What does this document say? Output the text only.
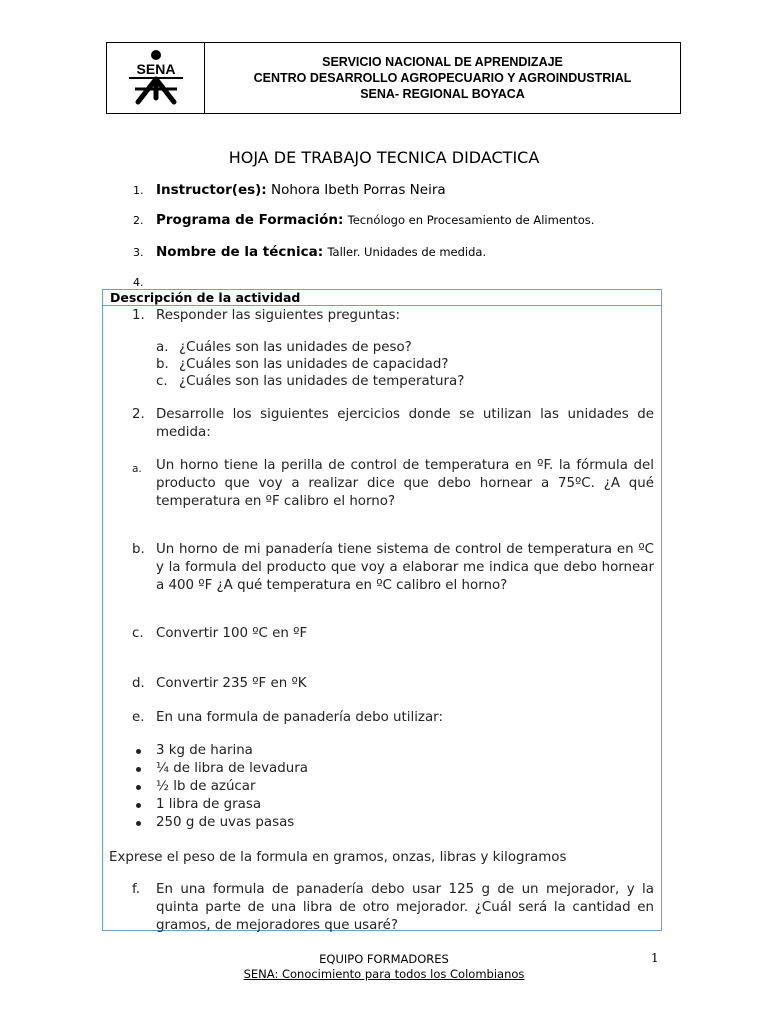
SENA	SERVICIO NACIONAL DE APRENDIZAJE
CENTRO DESARROLLO AGROPECUARIO Y AGROINDUSTRIAL
SENA- REGIONAL BOYACA
HOJA DE TRABAJO TECNICA DIDACTICA
1. Instructor(es): Nohora Ibeth Porras Neira
2. Programa de Formación: Tecnólogo en Procesamiento de Alimentos.
3. Nombre de la técnica: Taller. Unidades de medida.
4.
Descripción de la actividad
1. Responder las siguientes preguntas:
a. ¿Cuáles son las unidades de peso?
b. ¿Cuáles son las unidades de capacidad?
c. ¿Cuáles son las unidades de temperatura?
2. Desarrolle los siguientes ejercicios donde se utilizan las unidades de medida:
a. Un horno tiene la perilla de control de temperatura en ºF. la fórmula del producto que voy a realizar dice que debo hornear a 75ºC. ¿A qué temperatura en ºF calibro el horno?
b. Un horno de mi panadería tiene sistema de control de temperatura en ºC y la formula del producto que voy a elaborar me indica que debo hornear a 400 ºF ¿A qué temperatura en ºC calibro el horno?
c. Convertir 100 ºC en ºF
d. Convertir 235 ºF en ºK
e. En una formula de panadería debo utilizar:
3 kg de harina
¼ de libra de levadura
½ lb de azúcar
1 libra de grasa
250 g de uvas pasas
Exprese el peso de la formula en gramos, onzas, libras y kilogramos
f. En una formula de panadería debo usar 125 g de un mejorador, y la quinta parte de una libra de otro mejorador. ¿Cuál será la cantidad en gramos, de mejoradores que usaré?
EQUIPO FORMADORES
SENA: Conocimiento para todos los Colombianos
1
